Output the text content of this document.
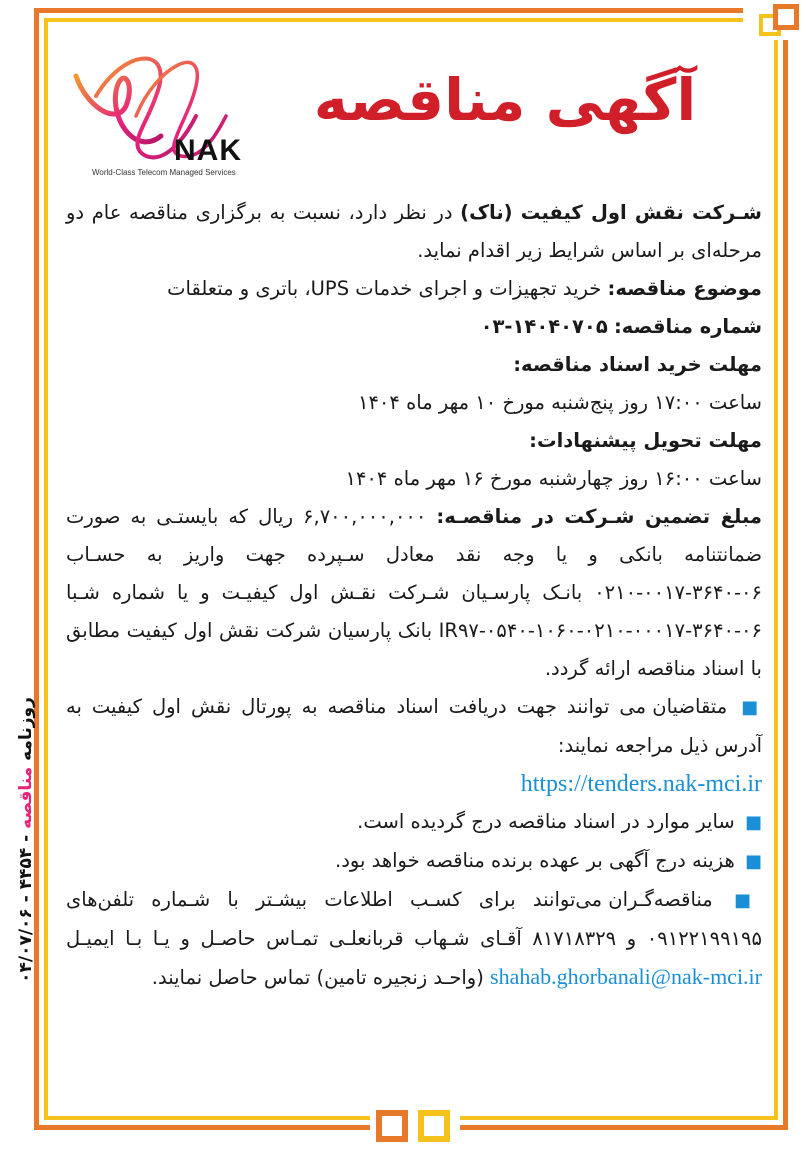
روزنامه مناقصه - ۴۴۵۴ - ۰۴/۰۷/۰۶
NAK
World-Class Telecom Managed Services
آگهی مناقصه

شـرکت نقش اول کیفیت (ناک) در نظر دارد، نسبت به برگزاری مناقصه عام دو مرحله‌ای بر اساس شرایط زیر اقدام نماید.

موضوع مناقصه: خرید تجهیزات و اجرای خدمات UPS، باتری و متعلقات

شماره مناقصه: ۱۴۰۴۰۷۰۵-۰۳

مهلت خرید اسناد مناقصه:

ساعت ۱۷:۰۰ روز پنج‌شنبه مورخ ۱۰ مهر ماه ۱۴۰۴

مهلت تحویل پیشنهادات:

ساعت ۱۶:۰۰ روز چهارشنبه مورخ ۱۶ مهر ماه ۱۴۰۴

مبلغ تضمین شـرکت در مناقصـه: ۶,۷۰۰,۰۰۰,۰۰۰ ریال که بایستـی به صورت ضمانتنامه بانکی و یا وجه نقد معادل سـپرده جهت واریز به حسـاب ۰۶-۳۶۴۰-۰۰۱۷-۰۲۱۰ بانـک پارسـیان شـرکت نقـش اول کیفیـت و یا شماره شـبا IR۹۷-۰۵۴۰-۱۰۶۰-۰۲۱۰-۰۰۰۱۷-۳۶۴۰-۰۶ بانک پارسیان شرکت نقش اول کیفیت مطابق با اسناد مناقصه ارائه گردد.

■ متقاضیان می توانند جهت دریافت اسناد مناقصه به پورتال نقش اول کیفیت به آدرس ذیل مراجعه نمایند:

https://tenders.nak-mci.ir

■ سایر موارد در اسناد مناقصه درج گردیده است.

■ هزینه درج آگهی بر عهده برنده مناقصه خواهد بود.

■ مناقصه‌گـران می‌توانند برای کسـب اطلاعات بیشـتر با شـماره تلفن‌های ۰۹۱۲۲۱۹۹۱۹۵ و ۸۱۷۱۸۳۲۹ آقـای شـهاب قربانعلـی تمـاس حاصـل و یـا بـا ایمیـل shahab.ghorbanali@nak-mci.ir (واحـد زنجیره تامین) تماس حاصل نمایند.
